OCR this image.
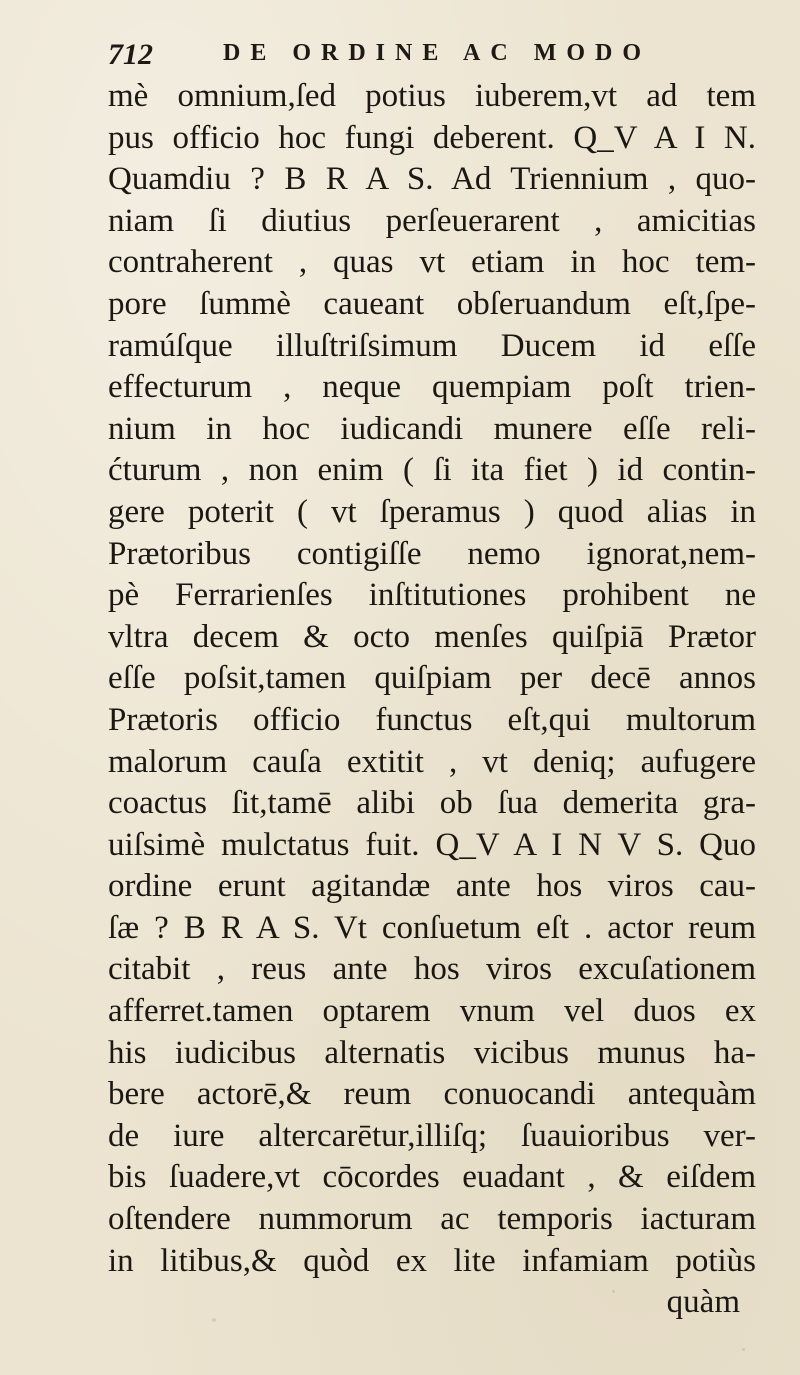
712	DE ORDINE AC MODO
mè omnium,ſed potius iuberem,vt ad tem
pus officio hoc fungi deberent. Q_V A I N.
Quamdiu ? B R A S. Ad Triennium , quo-
niam ſi diutius perſeuerarent , amicitias
contraherent , quas vt etiam in hoc tem-
pore ſummè caueant obſeruandum eſt,ſpe-
ramúſque illuſtriſsimum Ducem id eſſe
effecturum , neque quempiam poſt trien-
nium in hoc iudicandi munere eſſe reli-
ćturum , non enim ( ſi ita fiet ) id contin-
gere poterit ( vt ſperamus ) quod alias in
Prætoribus contigiſſe nemo ignorat,nem-
pè Ferrarienſes inſtitutiones prohibent ne
vltra decem & octo menſes quiſpiā Prætor
eſſe poſsit,tamen quiſpiam per decē annos
Prætoris officio functus eſt,qui multorum
malorum cauſa extitit , vt deniq; aufugere
coactus ſit,tamē alibi ob ſua demerita gra-
uiſsimè mulctatus fuit. Q_V A I N V S. Quo
ordine erunt agitandæ ante hos viros cau-
ſæ ? B R A S. Vt conſuetum eſt . actor reum
citabit , reus ante hos viros excuſationem
afferret.tamen optarem vnum vel duos ex
his iudicibus alternatis vicibus munus ha-
bere actorē,& reum conuocandi antequàm
de iure altercarētur,illiſq; ſuauioribus ver-
bis ſuadere,vt cōcordes euadant , & eiſdem
oſtendere nummorum ac temporis iacturam
in litibus,& quòd ex lite infamiam potiùs
quàm
